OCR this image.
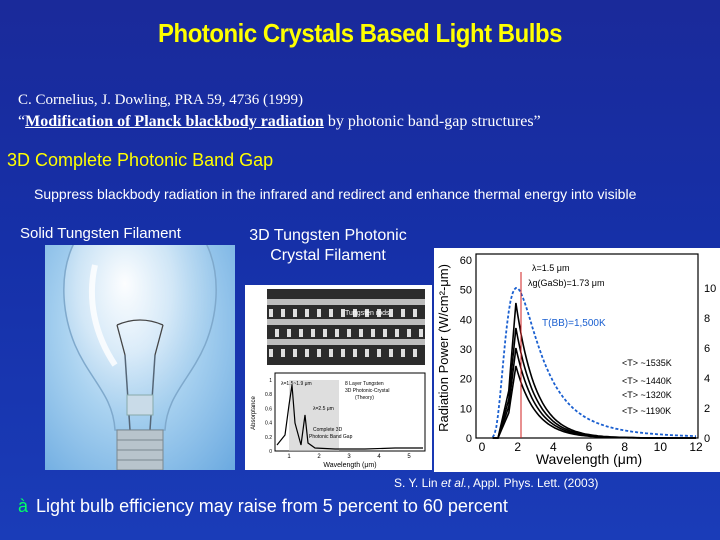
Photonic Crystals Based Light Bulbs
C. Cornelius, J. Dowling, PRA 59, 4736 (1999)
“Modification of Planck blackbody radiation by photonic band-gap structures”
3D Complete Photonic Band Gap
Suppress blackbody radiation in the infrared and redirect and enhance thermal energy into visible
Solid Tungsten Filament	3D Tungsten Photonic Crystal Filament
Tungsten rods
λ=1.5~1.9 μm
λ=2.5 μm
8 Layer Tungsten
3D Photonic-Crystal
(Theory)
Complete 3D
Photonic Band Gap
Absorptance
Wavelength (μm)
1
0.8
0.6
0.4
0.2
0
1	2	3	4	5
Radiation Power (W/cm²-μm)
Wavelength (μm)
60
50
40
30
20
10
0
10
8
6
4
2
0
0 2 4 6 8 10 12
λ=1.5 μm
λg(GaSb)=1.73 μm
T(BB)=1,500K
<T> ~1535K
<T> ~1440K
<T> ~1320K
<T> ~1190K
S. Y. Lin et al., Appl. Phys. Lett. (2003)
à Light bulb efficiency may raise from 5 percent to 60 percent
